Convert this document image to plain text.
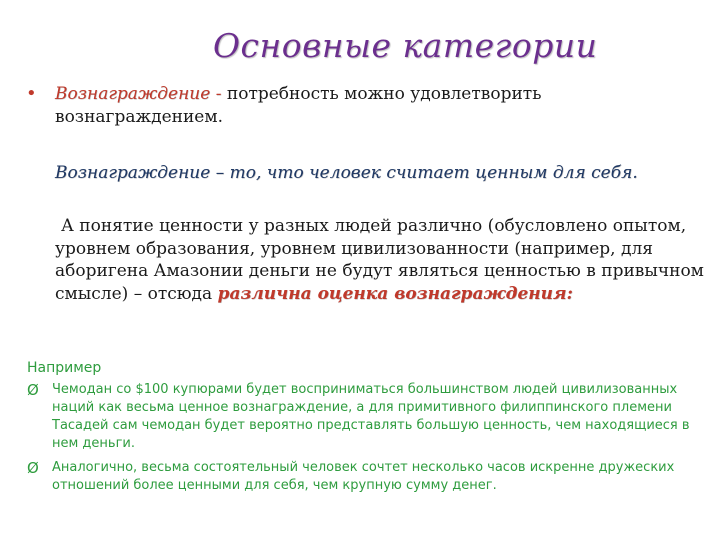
Основные категории
• Вознаграждение - потребность можно удовлетворить
вознаграждением.
Вознаграждение – то, что человек считает ценным для себя.
А понятие ценности у разных людей различно (обусловлено опытом, уровнем образования, уровнем цивилизованности (например, для аборигена Амазонии деньги не будут являться ценностью в привычном смысле) – отсюда различна оценка вознаграждения:
Например
Ø Чемодан со $100 купюрами будет восприниматься большинством людей цивилизованных наций как весьма ценное вознаграждение, а для примитивного филиппинского племени Тасадей сам чемодан будет вероятно представлять большую ценность, чем находящиеся в нем деньги.
Ø Аналогично, весьма состоятельный человек сочтет несколько часов искренне дружеских отношений более ценными для себя, чем крупную сумму денег.
